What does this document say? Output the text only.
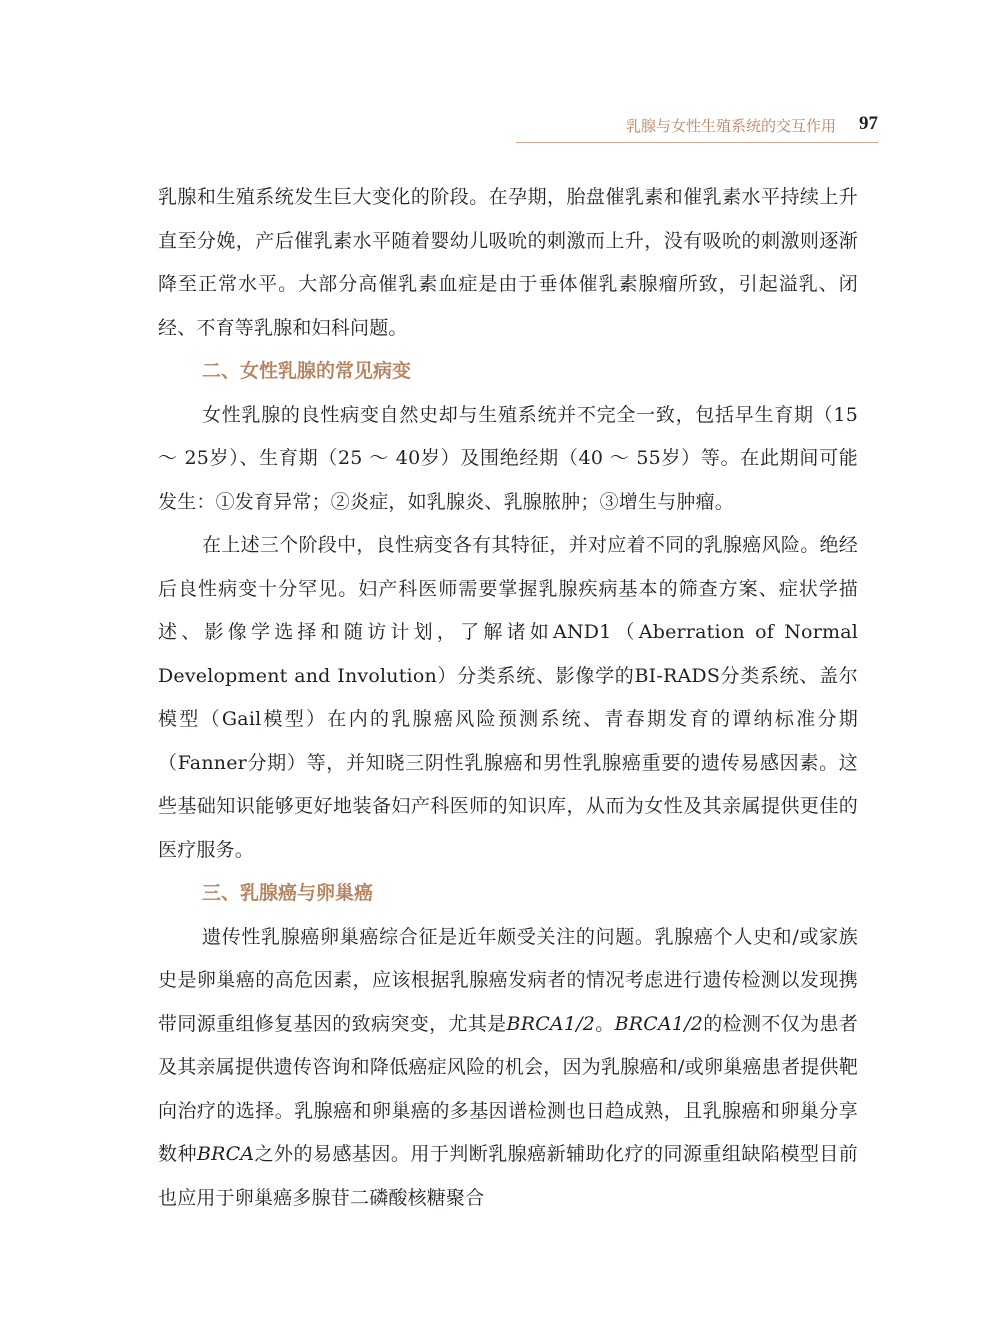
乳腺与女性生殖系统的交互作用 97

乳腺和生殖系统发生巨大变化的阶段。在孕期，胎盘催乳素和催乳素水平持续上升直至分娩，产后催乳素水平随着婴幼儿吸吮的刺激而上升，没有吸吮的刺激则逐渐降至正常水平。大部分高催乳素血症是由于垂体催乳素腺瘤所致，引起溢乳、闭经、不育等乳腺和妇科问题。

二、女性乳腺的常见病变

女性乳腺的良性病变自然史却与生殖系统并不完全一致，包括早生育期（15 ～ 25岁）、生育期（25 ～ 40岁）及围绝经期（40 ～ 55岁）等。在此期间可能发生：①发育异常；②炎症，如乳腺炎、乳腺脓肿；③增生与肿瘤。

在上述三个阶段中，良性病变各有其特征，并对应着不同的乳腺癌风险。绝经后良性病变十分罕见。妇产科医师需要掌握乳腺疾病基本的筛查方案、症状学描述、影像学选择和随访计划，了解诸如AND1（Aberration of Normal Development and Involution）分类系统、影像学的BI-RADS分类系统、盖尔模型（Gail模型）在内的乳腺癌风险预测系统、青春期发育的谭纳标准分期（Fanner分期）等，并知晓三阴性乳腺癌和男性乳腺癌重要的遗传易感因素。这些基础知识能够更好地装备妇产科医师的知识库，从而为女性及其亲属提供更佳的医疗服务。

三、乳腺癌与卵巢癌

遗传性乳腺癌卵巢癌综合征是近年颇受关注的问题。乳腺癌个人史和/或家族史是卵巢癌的高危因素，应该根据乳腺癌发病者的情况考虑进行遗传检测以发现携带同源重组修复基因的致病突变，尤其是BRCA1/2。BRCA1/2的检测不仅为患者及其亲属提供遗传咨询和降低癌症风险的机会，因为乳腺癌和/或卵巢癌患者提供靶向治疗的选择。乳腺癌和卵巢癌的多基因谱检测也日趋成熟，且乳腺癌和卵巢分享数种BRCA之外的易感基因。用于判断乳腺癌新辅助化疗的同源重组缺陷模型目前也应用于卵巢癌多腺苷二磷酸核糖聚合
